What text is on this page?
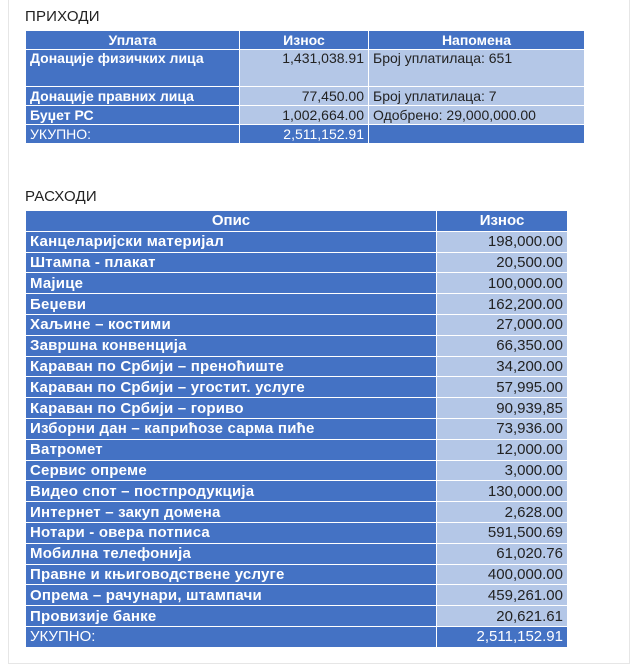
ПРИХОДИ
Уплата	Износ	Напомена
Донације физичких лица	1,431,038.91	Број уплатилаца: 651
Донације правних лица	77,450.00	Број уплатилаца: 7
Буџет РС	1,002,664.00	Одобрено: 29,000,000.00
УКУПНО:	2,511,152.91	
РАСХОДИ
Опис	Износ
Канцеларијски материјал	198,000.00
Штампа - плакат	20,500.00
Мајице	100,000.00
Беџеви	162,200.00
Хаљине – костими	27,000.00
Завршна конвенција	66,350.00
Караван по Србији – преноћиште	34,200.00
Караван по Србији – угостит. услуге	57,995.00
Караван по Србији – гориво	90,939,85
Изборни дан – каприћозе сарма пиће	73,936.00
Ватромет	12,000.00
Сервис опреме	3,000.00
Видео спот – постпродукција	130,000.00
Интернет – закуп домена	2,628.00
Нотари - овера потписа	591,500.69
Мобилна телефонија	61,020.76
Правне и књиговодствене услуге	400,000.00
Опрема – рачунари, штампачи	459,261.00
Провизије банке	20,621.61
УКУПНО:	2,511,152.91
